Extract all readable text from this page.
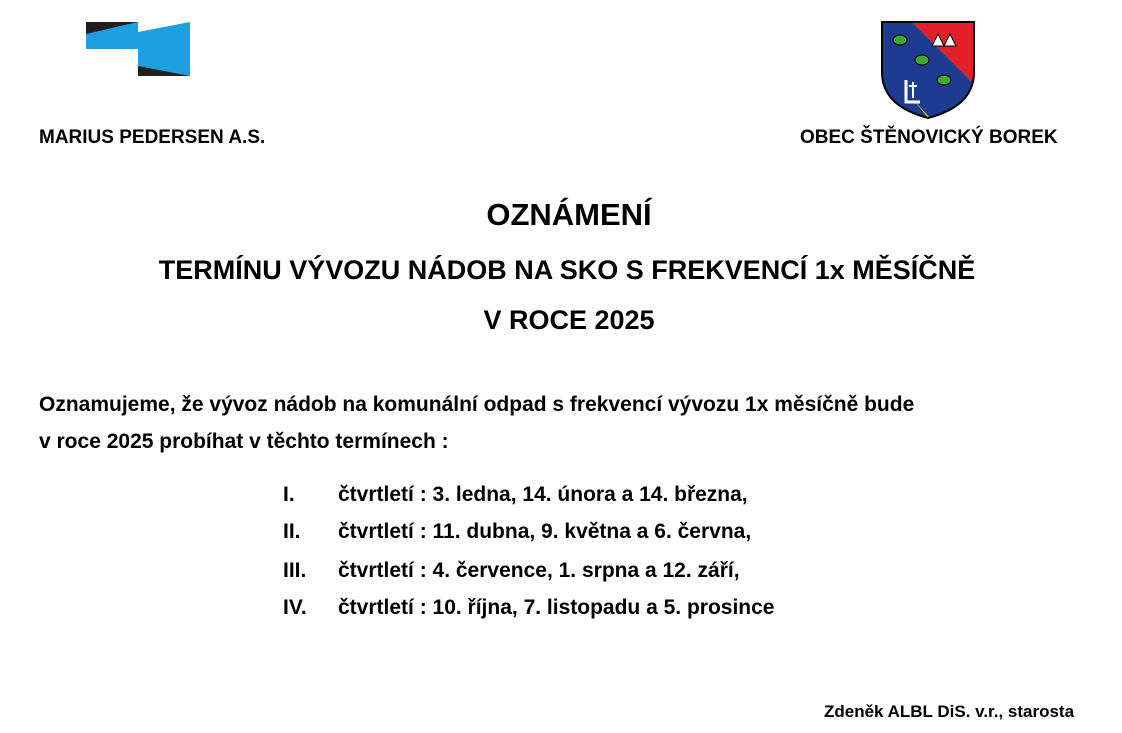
MARIUS PEDERSEN A.S.	OBEC ŠTĚNOVICKÝ BOREK
OZNÁMENÍ
TERMÍNU VÝVOZU NÁDOB NA SKO S FREKVENCÍ 1x MĚSÍČNĚ
V ROCE 2025
Oznamujeme, že vývoz nádob na komunální odpad s frekvencí vývozu 1x měsíčně bude
v roce 2025 probíhat v těchto termínech :
I. čtvrtletí : 3. ledna, 14. února a 14. března,
II. čtvrtletí : 11. dubna, 9. května a 6. června,
III. čtvrtletí : 4. července, 1. srpna a 12. září,
IV. čtvrtletí : 10. října, 7. listopadu a 5. prosince
Zdeněk ALBL DiS. v.r., starosta
